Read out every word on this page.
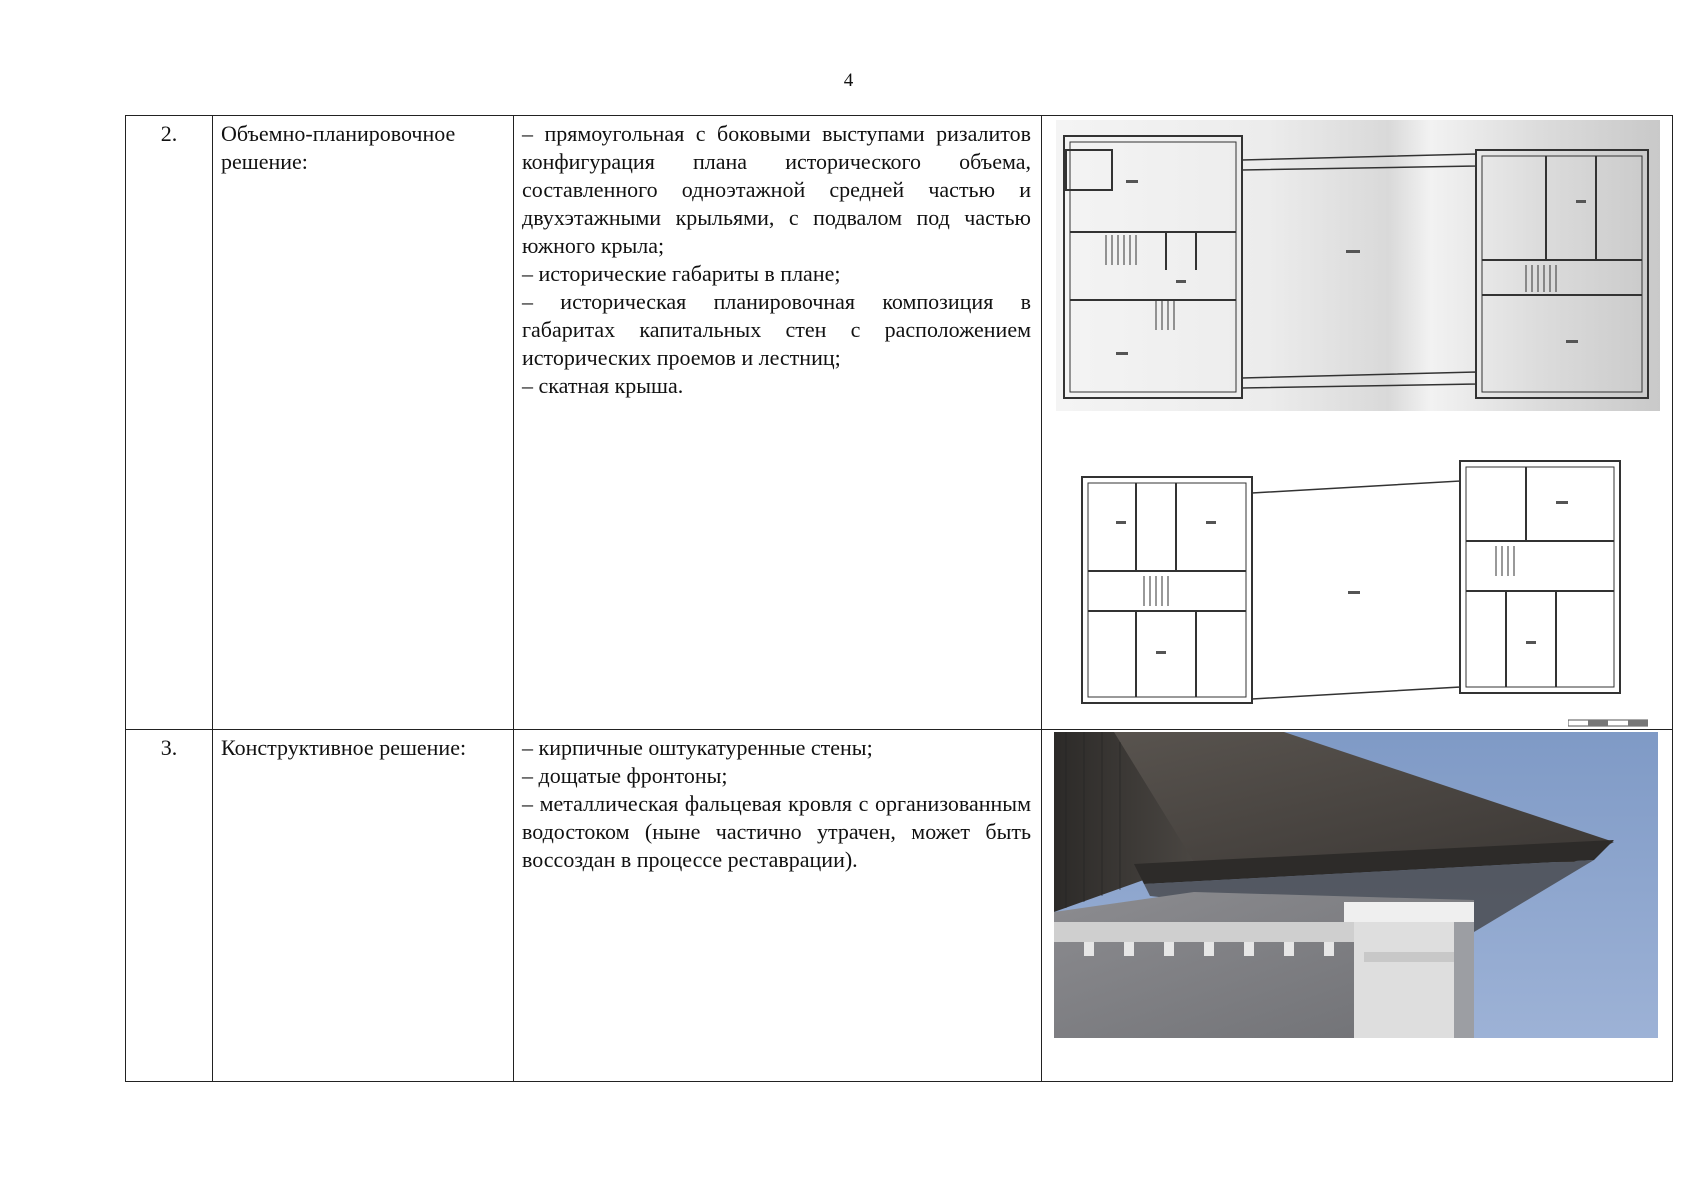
4
2.	Объемно-планировочное решение:	– прямоугольная с боковыми выступами ризалитов конфигурация плана исторического объема, составленного одноэтажной средней частью и двухэтажными крыльями, с подвалом под частью южного крыла;

– исторические габариты в плане;

– историческая планировочная композиция в габаритах капитальных стен с расположением исторических проемов и лестниц;

– скатная крыша.

3.	Конструктивное решение:	– кирпичные оштукатуренные стены;

– дощатые фронтоны;

– металлическая фальцевая кровля с организованным водостоком (ныне частично утрачен, может быть воссоздан в процессе реставрации).
